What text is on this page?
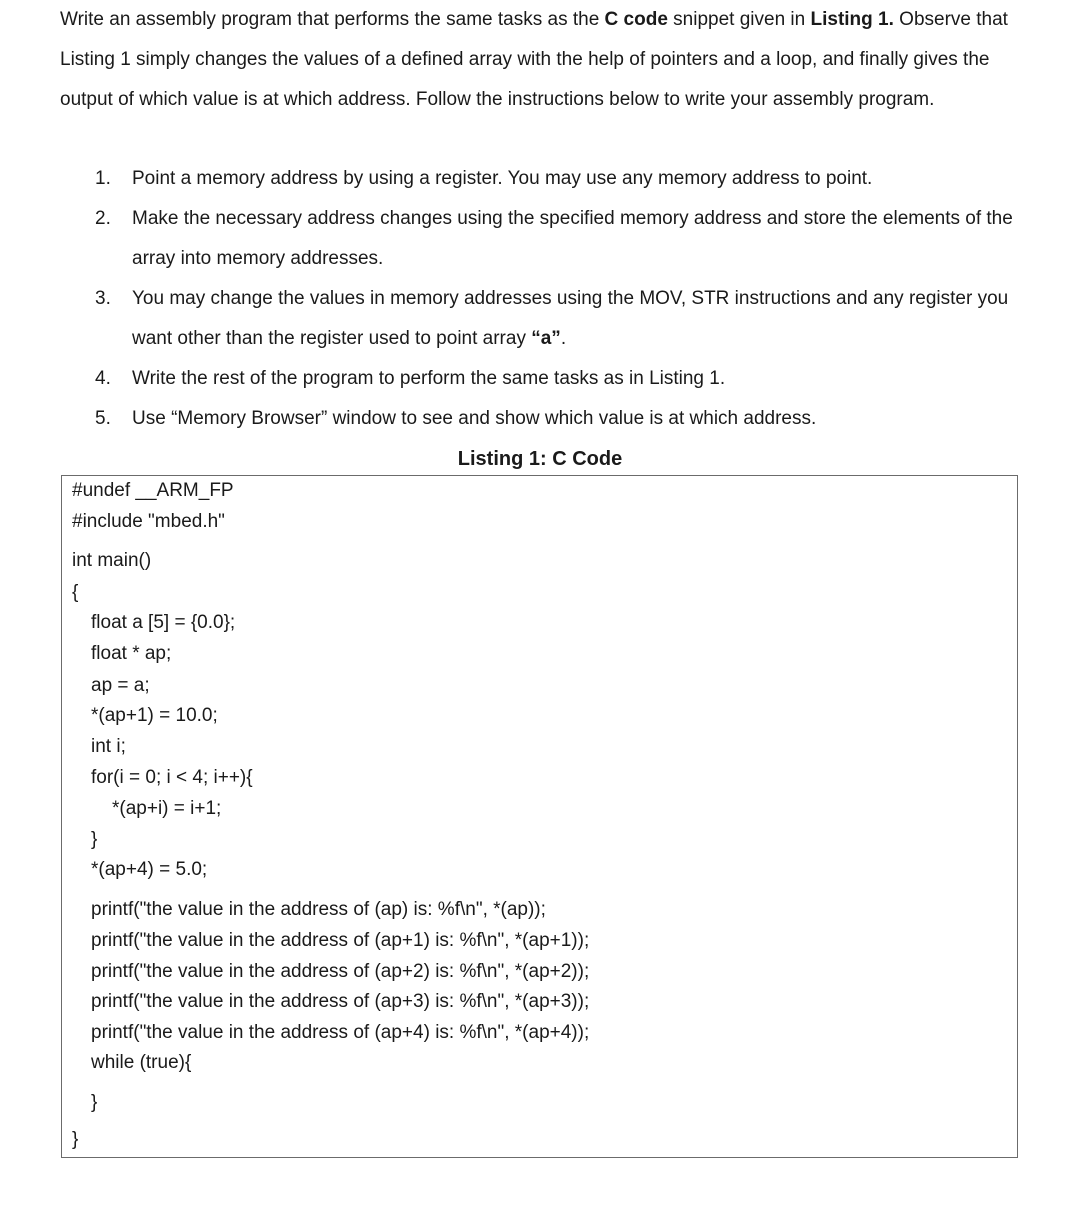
Write an assembly program that performs the same tasks as the C code snippet given in Listing 1. Observe that Listing 1 simply changes the values of a defined array with the help of pointers and a loop, and finally gives the output of which value is at which address. Follow the instructions below to write your assembly program.

1.	Point a memory address by using a register. You may use any memory address to point.
2.	Make the necessary address changes using the specified memory address and store the elements of the array into memory addresses.
3.	You may change the values in memory addresses using the MOV, STR instructions and any register you want other than the register used to point array “a”.
4.	Write the rest of the program to perform the same tasks as in Listing 1.
5.	Use “Memory Browser” window to see and show which value is at which address.
Listing 1: C Code
#undef __ARM_FP
#include "mbed.h"
int main()
{
float a [5] = {0.0};
float * ap;
ap = a;
*(ap+1) = 10.0;
int i;
for(i = 0; i < 4; i++){
*(ap+i) = i+1;
}
*(ap+4) = 5.0;
printf("the value in the address of (ap) is: %f\n", *(ap));
printf("the value in the address of (ap+1) is: %f\n", *(ap+1));
printf("the value in the address of (ap+2) is: %f\n", *(ap+2));
printf("the value in the address of (ap+3) is: %f\n", *(ap+3));
printf("the value in the address of (ap+4) is: %f\n", *(ap+4));
while (true){
}
}
